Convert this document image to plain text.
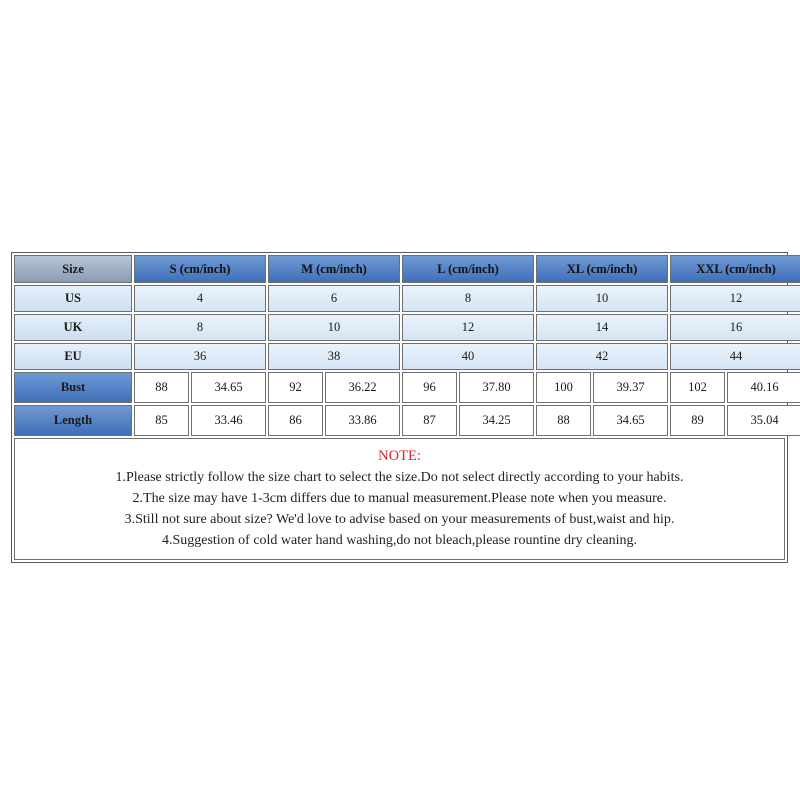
Size	S (cm/inch)		M (cm/inch)		L (cm/inch)		XL (cm/inch)		XXL (cm/inch)	
US	4		6		8		10		12	
UK	8		10		12		14		16	
EU	36		38		40		42		44	
Bust	88	34.65	92	36.22	96	37.80	100	39.37	102	40.16
Length	85	33.46	86	33.86	87	34.25	88	34.65	89	35.04
NOTE:
1.Please strictly follow the size chart to select the size.Do not select directly according to your habits.
2.The size may have 1-3cm differs due to manual measurement.Please note when you measure.
3.Still not sure about size? We'd love to advise based on your measurements of bust,waist and hip.
4.Suggestion of cold water hand washing,do not bleach,please rountine dry cleaning.
